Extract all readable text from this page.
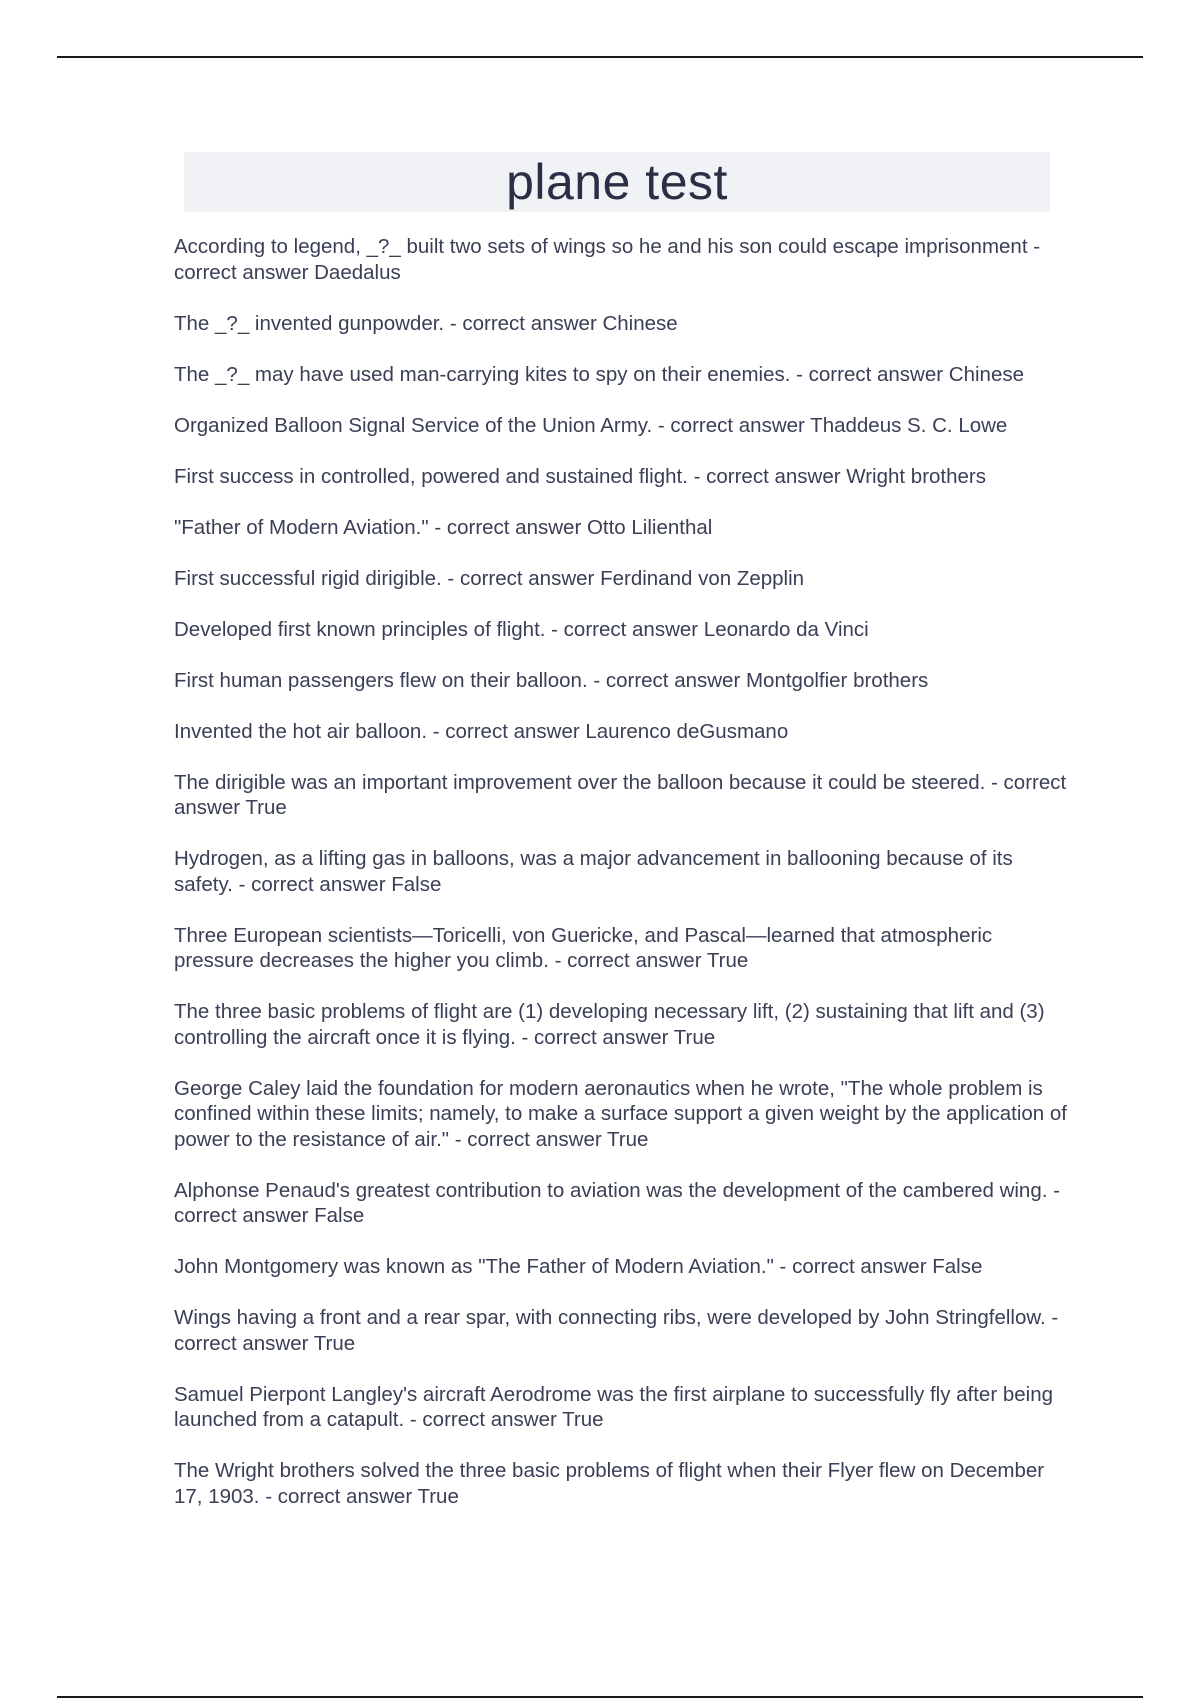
plane test
According to legend, _?_ built two sets of wings so he and his son could escape imprisonment - correct answer Daedalus
The _?_ invented gunpowder. - correct answer Chinese
The _?_ may have used man-carrying kites to spy on their enemies. - correct answer Chinese
Organized Balloon Signal Service of the Union Army. - correct answer Thaddeus S. C. Lowe
First success in controlled, powered and sustained flight. - correct answer Wright brothers
"Father of Modern Aviation." - correct answer Otto Lilienthal
First successful rigid dirigible. - correct answer Ferdinand von Zepplin
Developed first known principles of flight. - correct answer Leonardo da Vinci
First human passengers flew on their balloon. - correct answer Montgolfier brothers
Invented the hot air balloon. - correct answer Laurenco deGusmano
The dirigible was an important improvement over the balloon because it could be steered. - correct answer True
Hydrogen, as a lifting gas in balloons, was a major advancement in ballooning because of its safety. - correct answer False
Three European scientists—Toricelli, von Guericke, and Pascal—learned that atmospheric pressure decreases the higher you climb. - correct answer True
The three basic problems of flight are (1) developing necessary lift, (2) sustaining that lift and (3) controlling the aircraft once it is flying. - correct answer True
George Caley laid the foundation for modern aeronautics when he wrote, "The whole problem is confined within these limits; namely, to make a surface support a given weight by the application of power to the resistance of air." - correct answer True
Alphonse Penaud's greatest contribution to aviation was the development of the cambered wing. - correct answer False
John Montgomery was known as "The Father of Modern Aviation." - correct answer False
Wings having a front and a rear spar, with connecting ribs, were developed by John Stringfellow. - correct answer True
Samuel Pierpont Langley's aircraft Aerodrome was the first airplane to successfully fly after being launched from a catapult. - correct answer True
The Wright brothers solved the three basic problems of flight when their Flyer flew on December 17, 1903. - correct answer True
